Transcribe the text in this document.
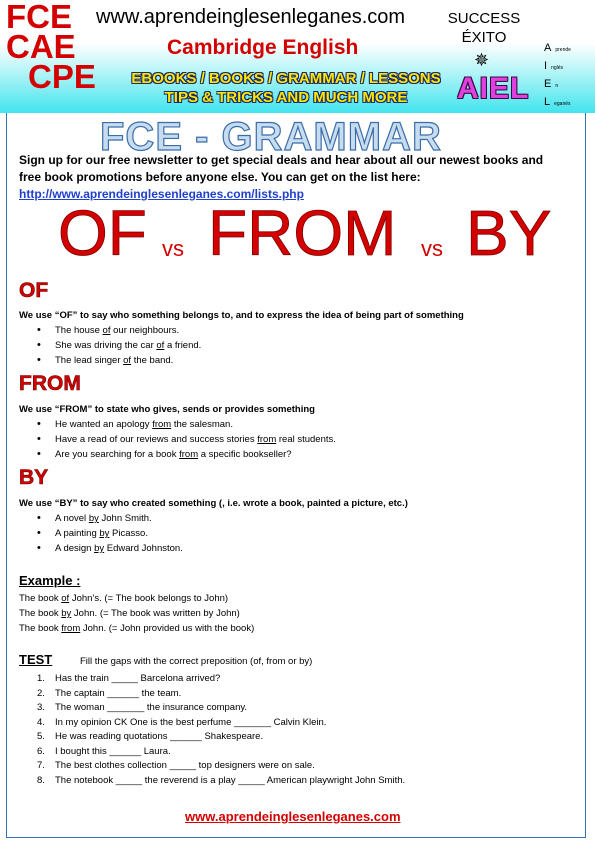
FCE
CAE
CPE
www.aprendeinglesenleganes.com
Cambridge English
EBOOKS / BOOKS / GRAMMAR / LESSONS
TIPS & TRICKS AND MUCH MORE
SUCCESS
ÉXITO
✵
AIEL
Aprende
Inglés
En
Leganés
FCE - GRAMMAR
Sign up for our free newsletter to get special deals and hear about all our newest books and free book promotions before anyone else. You can get on the list here:
http://www.aprendeinglesenleganes.com/lists.php
OF vs FROM vs BY
OF
We use “OF” to say who something belongs to, and to express the idea of being part of something
• The house of our neighbours.
• She was driving the car of a friend.
• The lead singer of the band.
FROM
We use “FROM” to state who gives, sends or provides something
• He wanted an apology from the salesman.
• Have a read of our reviews and success stories from real students.
• Are you searching for a book from a specific bookseller?
BY
We use “BY” to say who created something (, i.e. wrote a book, painted a picture, etc.)
• A novel by John Smith.
• A painting by Picasso.
• A design by Edward Johnston.
Example :
The book of John’s. (= The book belongs to John)
The book by John. (= The book was written by John)
The book from John. (= John provided us with the book)
TEST	Fill the gaps with the correct preposition (of, from or by)
1. Has the train _____ Barcelona arrived?
2. The captain ______ the team.
3. The woman _______ the insurance company.
4. In my opinion CK One is the best perfume _______ Calvin Klein.
5. He was reading quotations ______ Shakespeare.
6. I bought this ______ Laura.
7. The best clothes collection _____ top designers were on sale.
8. The notebook _____ the reverend is a play _____ American playwright John Smith.
www.aprendeinglesenleganes.com
